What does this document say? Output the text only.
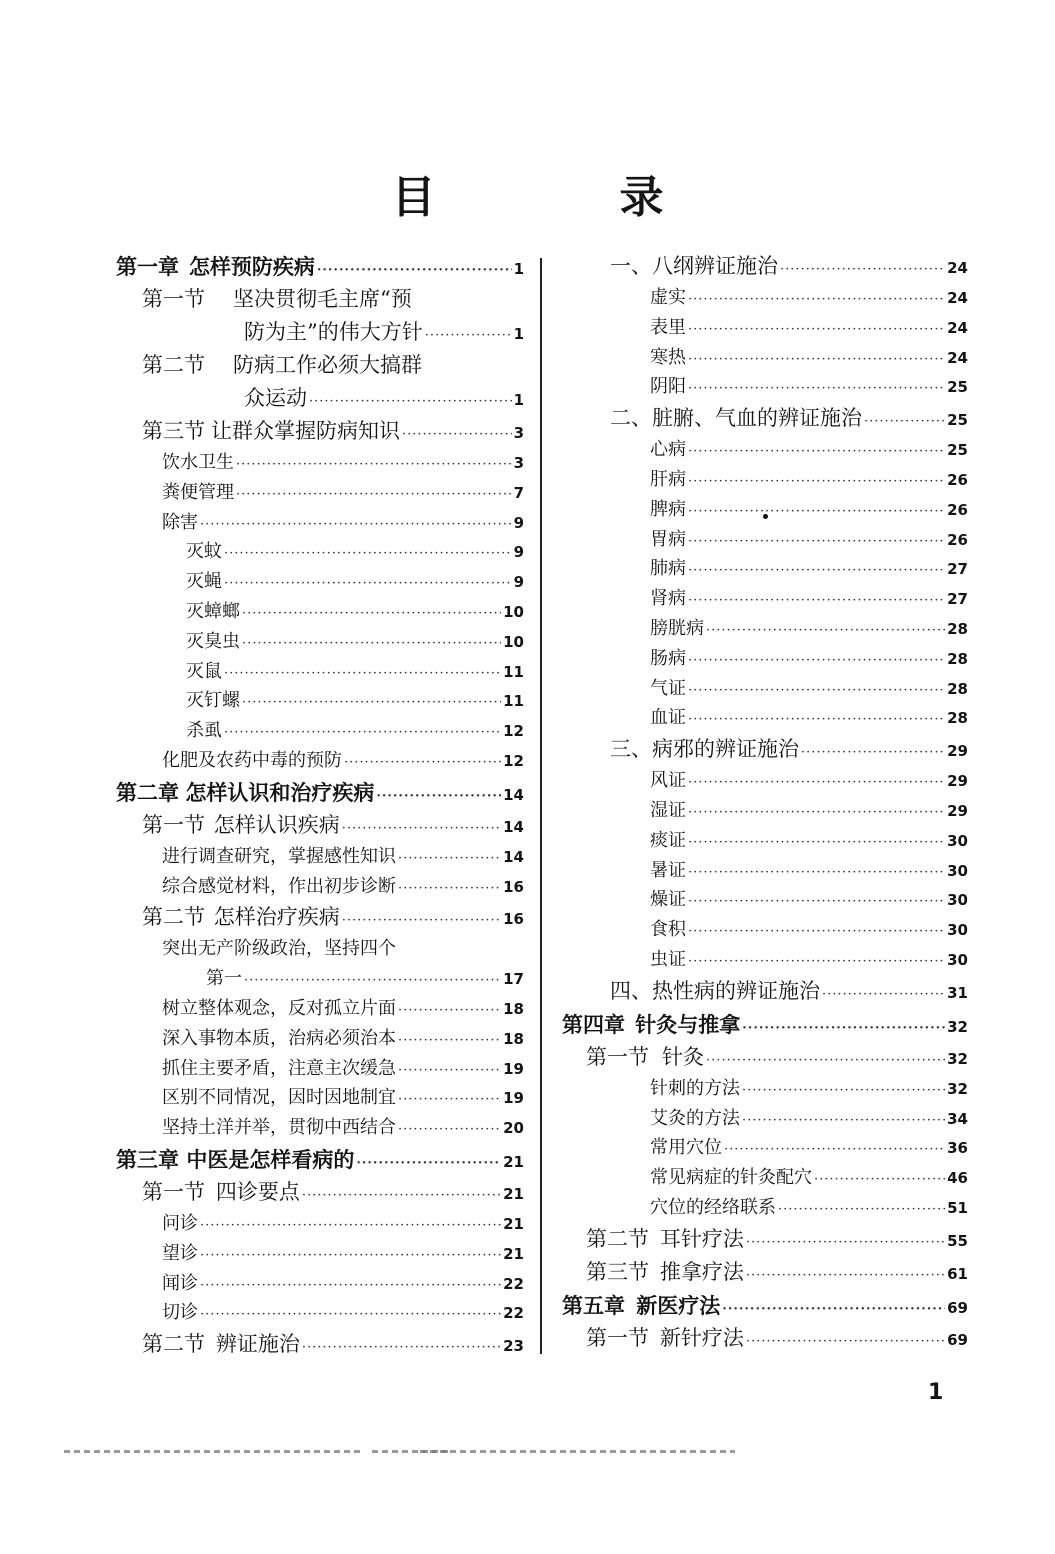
目　录
第一章 怎样预防疾病 ·····	1
第一节 坚决贯彻毛主席“预
防为主”的伟大方针 ·····	1
第二节 防病工作必须大搞群
众运动 ·····	1
第三节 让群众掌握防病知识 ·····	3
饮水卫生 ·····	3
粪便管理 ·····	7
除害 ·····	9
灭蚊 ·····	9
灭蝇 ·····	9
灭蟑螂 ·····	10
灭臭虫 ·····	10
灭鼠 ·····	11
灭钉螺 ·····	11
杀虱 ·····	12
化肥及农药中毒的预防 ·····	12
第二章 怎样认识和治疗疾病 ·····	14
第一节 怎样认识疾病 ·····	14
进行调查研究，掌握感性知识 ·····	14
综合感觉材料，作出初步诊断 ·····	16
第二节 怎样治疗疾病 ·····	16
突出无产阶级政治，坚持四个
第一 ·····	17
树立整体观念，反对孤立片面 ·····	18
深入事物本质，治病必须治本 ·····	18
抓住主要矛盾，注意主次缓急 ·····	19
区别不同情况，因时因地制宜 ·····	19
坚持土洋并举，贯彻中西结合 ·····	20
第三章 中医是怎样看病的 ·····	21
第一节 四诊要点 ·····	21
问诊 ·····	21
望诊 ·····	21
闻诊 ·····	22
切诊 ·····	22
第二节 辨证施治 ·····	23
一、八纲辨证施治 ·····	24
虚实 ·····	24
表里 ·····	24
寒热 ·····	24
阴阳 ·····	25
二、脏腑、气血的辨证施治 ·····	25
心病 ·····	25
肝病 ·····	26
脾病 ·····	26
胃病 ·····	26
肺病 ·····	27
肾病 ·····	27
膀胱病 ·····	28
肠病 ·····	28
气证 ·····	28
血证 ·····	28
三、病邪的辨证施治 ·····	29
风证 ·····	29
湿证 ·····	29
痰证 ·····	30
暑证 ·····	30
燥证 ·····	30
食积 ·····	30
虫证 ·····	30
四、热性病的辨证施治 ·····	31
第四章 针灸与推拿 ·····	32
第一节 针灸 ·····	32
针刺的方法 ·····	32
艾灸的方法 ·····	34
常用穴位 ·····	36
常见病症的针灸配穴 ·····	46
穴位的经络联系 ·····	51
第二节 耳针疗法 ·····	55
第三节 推拿疗法 ·····	61
第五章 新医疗法 ·····	69
第一节 新针疗法 ·····	69
1
